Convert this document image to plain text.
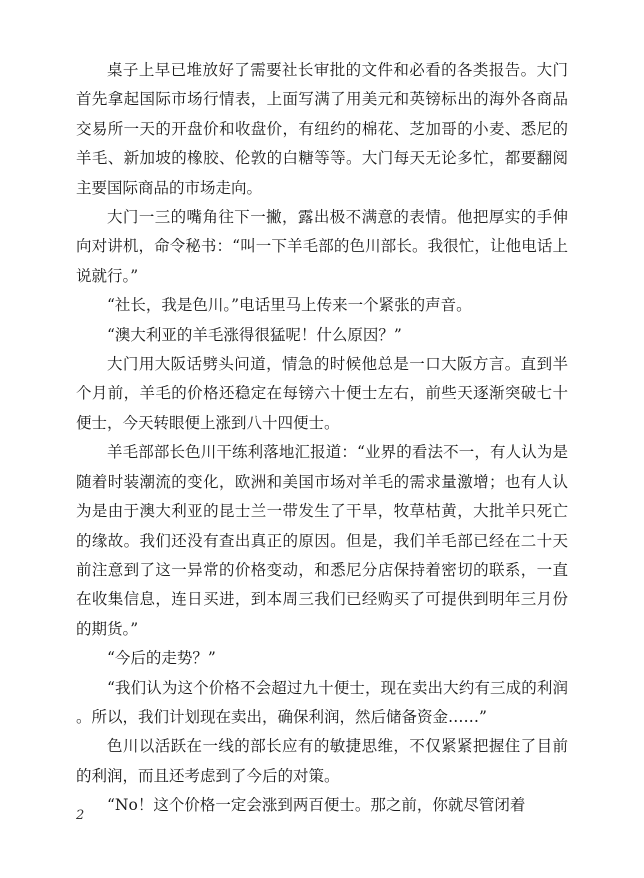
桌子上早已堆放好了需要社长审批的文件和必看的各类报告。大门首先拿起国际市场行情表，上面写满了用美元和英镑标出的海外各商品交易所一天的开盘价和收盘价，有纽约的棉花、芝加哥的小麦、悉尼的羊毛、新加坡的橡胶、伦敦的白糖等等。大门每天无论多忙，都要翻阅主要国际商品的市场走向。

大门一三的嘴角往下一撇，露出极不满意的表情。他把厚实的手伸向对讲机，命令秘书：“叫一下羊毛部的色川部长。我很忙，让他电话上说就行。”

“社长，我是色川。”电话里马上传来一个紧张的声音。

“澳大利亚的羊毛涨得很猛呢！什么原因？”

大门用大阪话劈头问道，情急的时候他总是一口大阪方言。直到半个月前，羊毛的价格还稳定在每镑六十便士左右，前些天逐渐突破七十便士，今天转眼便上涨到八十四便士。

羊毛部部长色川干练利落地汇报道：“业界的看法不一，有人认为是随着时装潮流的变化，欧洲和美国市场对羊毛的需求量激增；也有人认为是由于澳大利亚的昆士兰一带发生了干旱，牧草枯黄，大批羊只死亡的缘故。我们还没有查出真正的原因。但是，我们羊毛部已经在二十天前注意到了这一异常的价格变动，和悉尼分店保持着密切的联系，一直在收集信息，连日买进，到本周三我们已经购买了可提供到明年三月份的期货。”

“今后的走势？”

“我们认为这个价格不会超过九十便士，现在卖出大约有三成的利润。所以，我们计划现在卖出，确保利润，然后储备资金……”

色川以活跃在一线的部长应有的敏捷思维，不仅紧紧把握住了目前的利润，而且还考虑到了今后的对策。

“No！这个价格一定会涨到两百便士。那之前，你就尽管闭着

2
